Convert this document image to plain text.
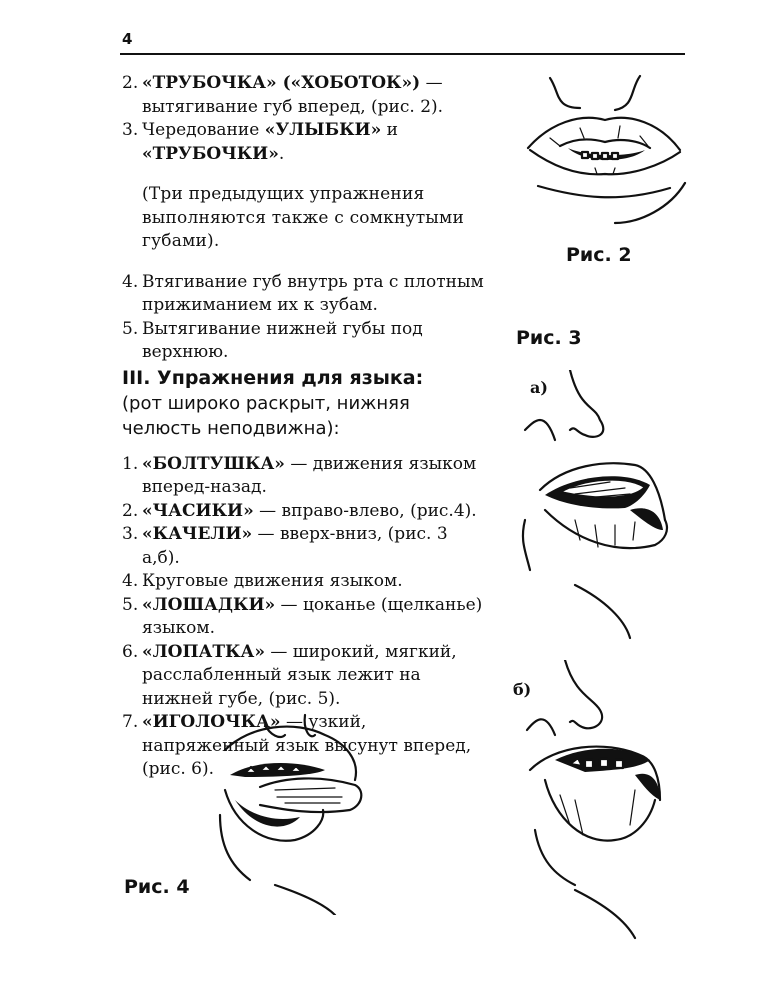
4

2. «ТРУБОЧКА» («ХОБОТОК») — вытягивание губ вперед, (рис. 2).

3. Чередование «УЛЫБКИ» и «ТРУБОЧКИ».

(Три предыдущих упражнения выполняются также с сомкнутыми губами).

4. Втягивание губ внутрь рта с плотным прижиманием их к зубам.

5. Вытягивание нижней губы под верхнюю.

III. Упражнения для языка:
(рот широко раскрыт, нижняя челюсть неподвижна):

1. «БОЛТУШКА» — движения языком вперед-назад.

2. «ЧАСИКИ» — вправо-влево, (рис.4).

3. «КАЧЕЛИ» — вверх-вниз, (рис. 3 а,б).

4. Круговые движения языком.

5. «ЛОШАДКИ» — цоканье (щелканье) языком.

6. «ЛОПАТКА» — широкий, мягкий, расслабленный язык лежит на нижней губе, (рис. 5).

7. «ИГОЛОЧКА» — узкий, напряженный язык высунут вперед, (рис. 6).

Рис. 2
Рис. 3
а)
б)
Рис. 4
